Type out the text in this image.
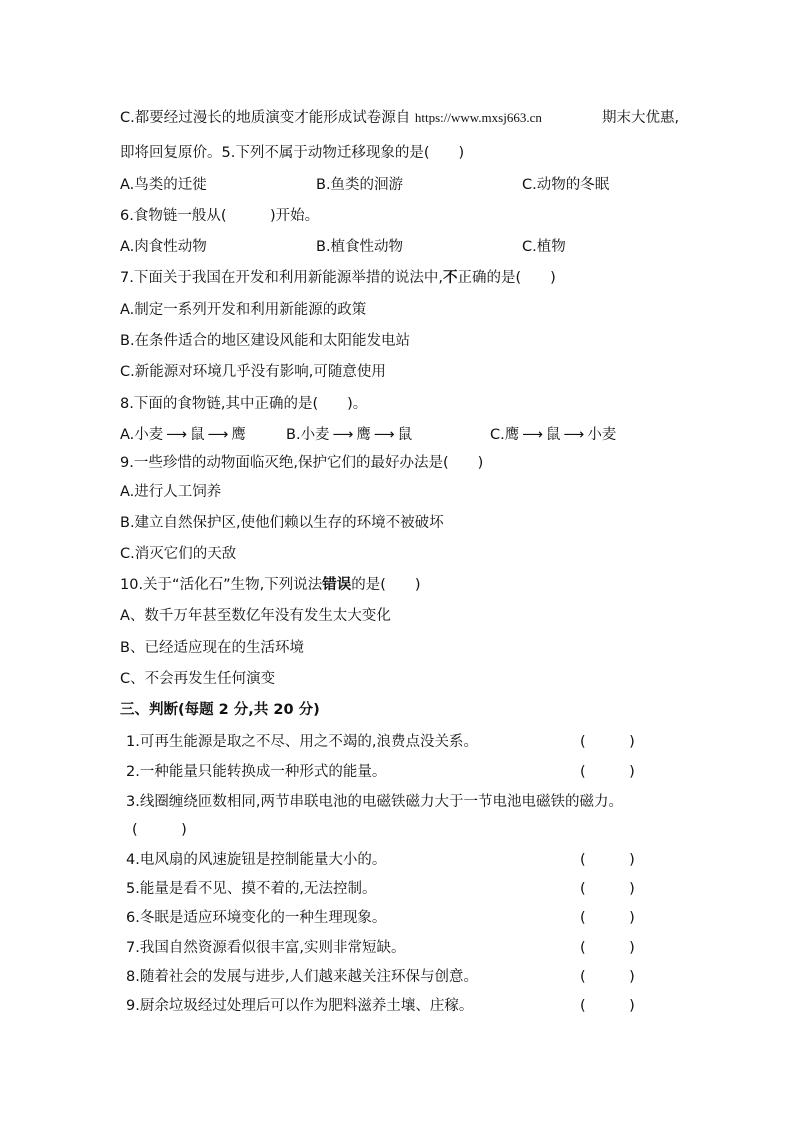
C.都要经过漫长的地质演变才能形成试卷源自 https://www.mxsj663.cn	期末大优惠,
即将回复原价。5.下列不属于动物迁移现象的是(　　)
A.鸟类的迁徙	B.鱼类的洄游	C.动物的冬眠
6.食物链一般从(　　　)开始。
A.肉食性动物	B.植食性动物	C.植物
7.下面关于我国在开发和利用新能源举措的说法中,不正确的是(　　)
A.制定一系列开发和利用新能源的政策
B.在条件适合的地区建设风能和太阳能发电站
C.新能源对环境几乎没有影响,可随意使用
8.下面的食物链,其中正确的是(　　)。
A.小麦 ⟶ 鼠 ⟶ 鹰	B.小麦 ⟶ 鹰 ⟶ 鼠	C.鹰 ⟶ 鼠 ⟶ 小麦
9.一些珍惜的动物面临灭绝,保护它们的最好办法是(　　)
A.进行人工饲养
B.建立自然保护区,使他们赖以生存的环境不被破坏
C.消灭它们的天敌
10.关于“活化石”生物,下列说法错误的是(　　)
A、数千万年甚至数亿年没有发生太大变化
B、已经适应现在的生活环境
C、不会再发生任何演变
三、判断(每题 2 分,共 20 分)
1.可再生能源是取之不尽、用之不竭的,浪费点没关系。	(　　　)
2.一种能量只能转换成一种形式的能量。	(　　　)
3.线圈缠绕匝数相同,两节串联电池的电磁铁磁力大于一节电池电磁铁的磁力。
(　　　)
4.电风扇的风速旋钮是控制能量大小的。	(　　　)
5.能量是看不见、摸不着的,无法控制。	(　　　)
6.冬眠是适应环境变化的一种生理现象。	(　　　)
7.我国自然资源看似很丰富,实则非常短缺。	(　　　)
8.随着社会的发展与进步,人们越来越关注环保与创意。	(　　　)
9.厨余垃圾经过处理后可以作为肥料滋养土壤、庄稼。	(　　　)
